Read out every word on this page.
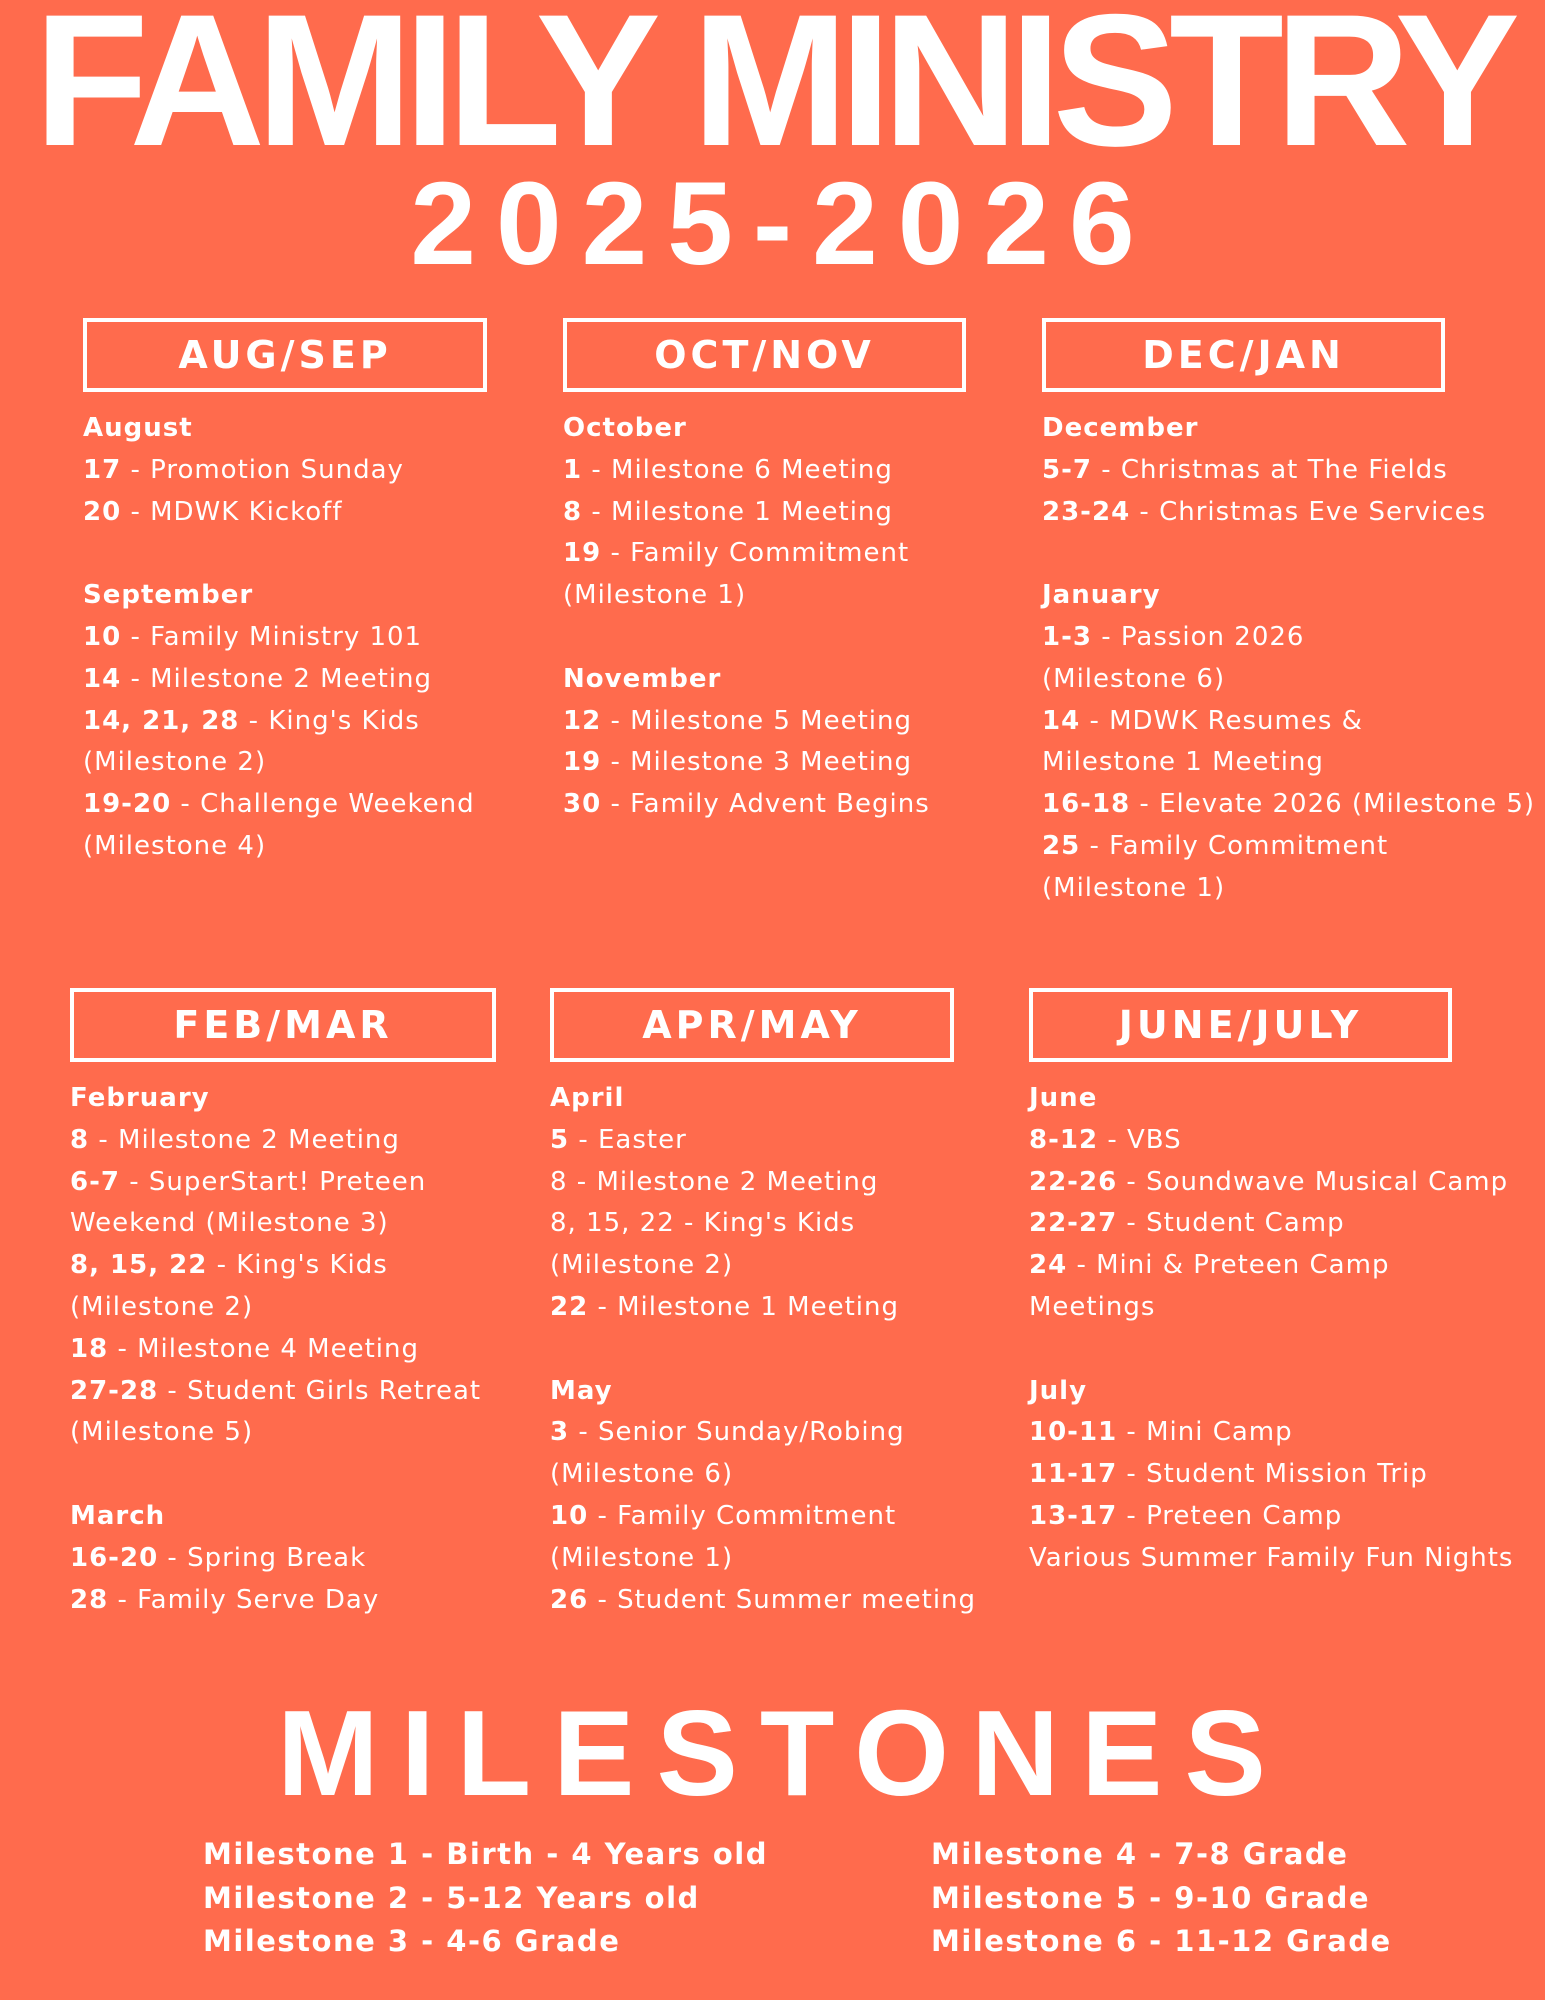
FAMILY MINISTRY
2025-2026
AUG/SEP
August
17 - Promotion Sunday
20 - MDWK Kickoff
September
10 - Family Ministry 101
14 - Milestone 2 Meeting
14, 21, 28 - King's Kids
(Milestone 2)
19-20 - Challenge Weekend
(Milestone 4)
OCT/NOV
October
1 - Milestone 6 Meeting
8 - Milestone 1 Meeting
19 - Family Commitment
(Milestone 1)
November
12 - Milestone 5 Meeting
19 - Milestone 3 Meeting
30 - Family Advent Begins
DEC/JAN
December
5-7 - Christmas at The Fields
23-24 - Christmas Eve Services
January
1-3 - Passion 2026
(Milestone 6)
14 - MDWK Resumes &
Milestone 1 Meeting
16-18 - Elevate 2026 (Milestone 5)
25 - Family Commitment
(Milestone 1)
FEB/MAR
February
8 - Milestone 2 Meeting
6-7 - SuperStart! Preteen
Weekend (Milestone 3)
8, 15, 22 - King's Kids
(Milestone 2)
18 - Milestone 4 Meeting
27-28 - Student Girls Retreat
(Milestone 5)
March
16-20 - Spring Break
28 - Family Serve Day
APR/MAY
April
5 - Easter
8 - Milestone 2 Meeting
8, 15, 22 - King's Kids
(Milestone 2)
22 - Milestone 1 Meeting
May
3 - Senior Sunday/Robing
(Milestone 6)
10 - Family Commitment
(Milestone 1)
26 - Student Summer meeting
JUNE/JULY
June
8-12 - VBS
22-26 - Soundwave Musical Camp
22-27 - Student Camp
24 - Mini & Preteen Camp
Meetings
July
10-11 - Mini Camp
11-17 - Student Mission Trip
13-17 - Preteen Camp
Various Summer Family Fun Nights
MILESTONES
Milestone 1 - Birth - 4 Years old
Milestone 2 - 5-12 Years old
Milestone 3 - 4-6 Grade
Milestone 4 - 7-8 Grade
Milestone 5 - 9-10 Grade
Milestone 6 - 11-12 Grade
